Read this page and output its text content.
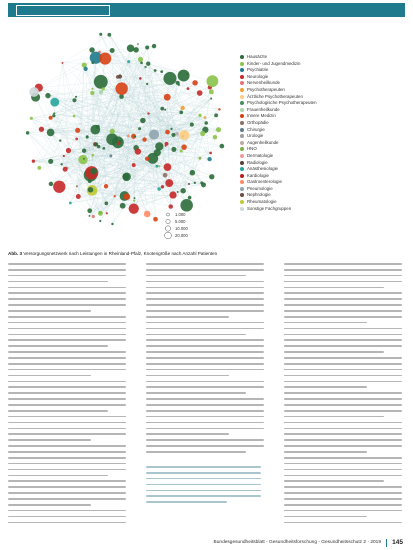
Hausärzte
Kinder- und Jugendmedizin
Psychiatrie
Neurologie
Nervenheilkunde
Psychotherapeuten
Ärztliche Psychotherapeuten
Psychologische Psychotherapeuten
Frauenheilkunde
Innere Medizin
Orthopädie
Chirurgie
Urologie
Augenheilkunde
HNO
Dermatologie
Radiologie
Anästhesiologie
Kardiologie
Gastroenterologie
Pneumologie
Nephrologie
Rheumatologie
Sonstige Fachgruppen
1.000
5.000
10.000
20.000
Abb. 3 Versorgungsnetzwerk nach Leistungen in Rheinland-Pfalz, Knotengröße nach Anzahl Patienten
Bundesgesundheitsblatt - Gesundheitsforschung - Gesundheitsschutz 2 · 2019 145
